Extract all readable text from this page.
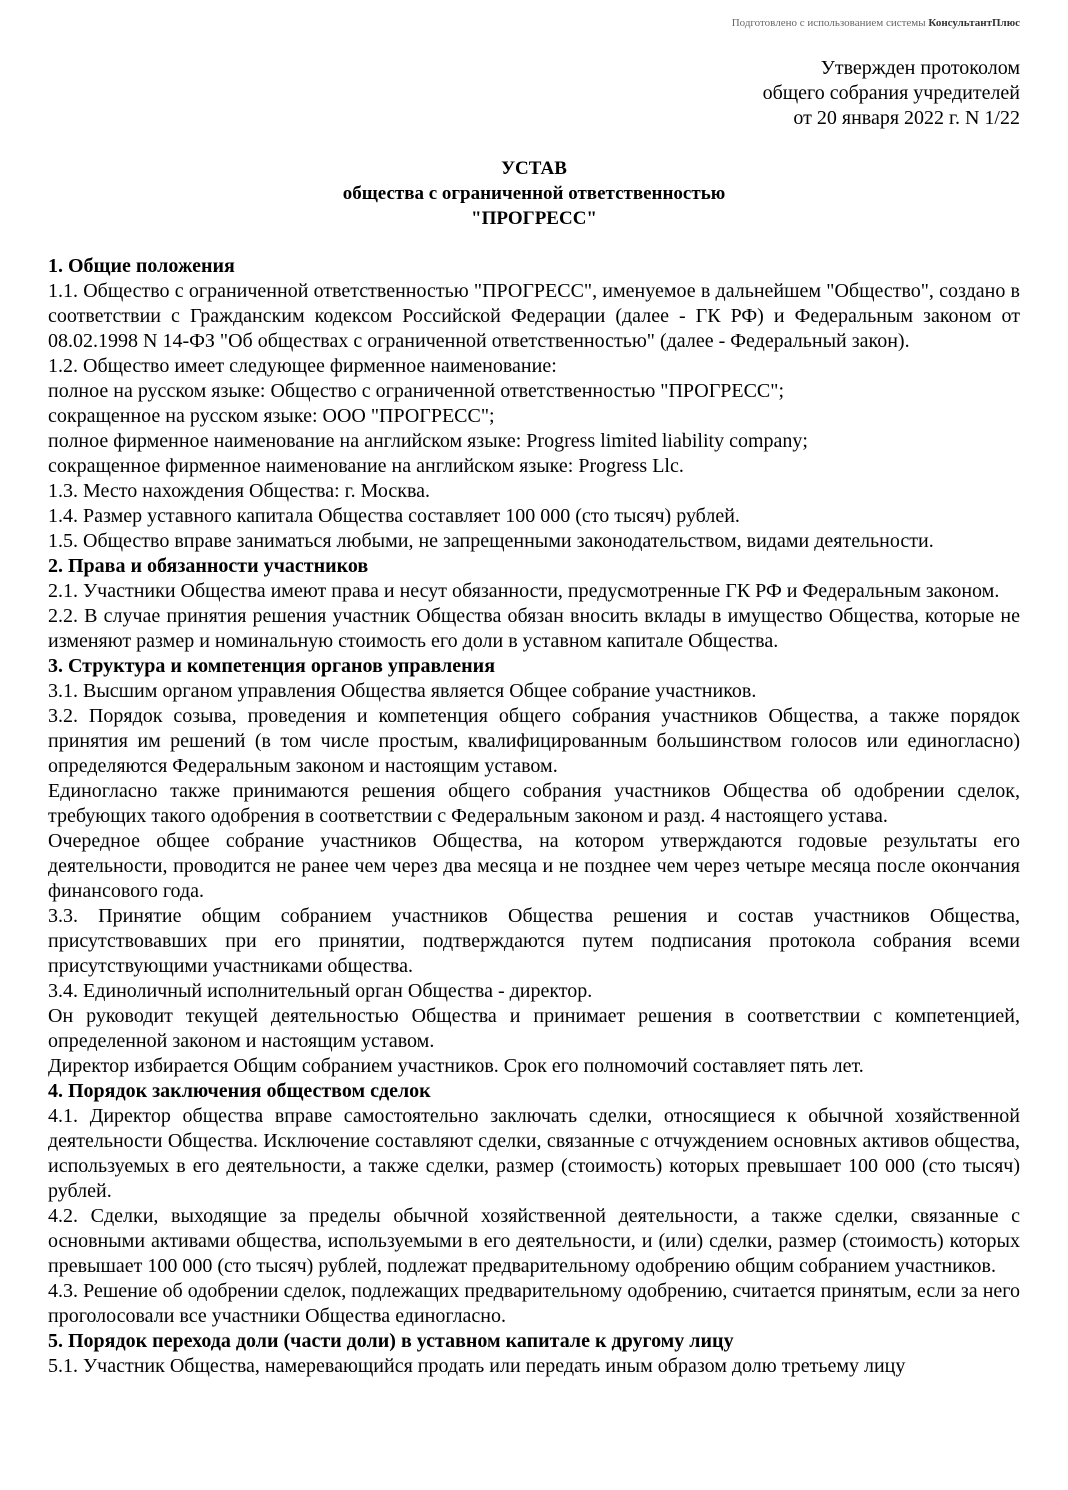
Подготовлено с использованием системы КонсультантПлюс
Утвержден протоколом
общего собрания учредителей
от 20 января 2022 г. N 1/22
УСТАВ
общества с ограниченной ответственностью
"ПРОГРЕСС"

1. Общие положения

1.1. Общество с ограниченной ответственностью "ПРОГРЕСС", именуемое в дальнейшем "Общество", создано в соответствии с Гражданским кодексом Российской Федерации (далее - ГК РФ) и Федеральным законом от 08.02.1998 N 14-ФЗ "Об обществах с ограниченной ответственностью" (далее - Федеральный закон).

1.2. Общество имеет следующее фирменное наименование:

полное на русском языке: Общество с ограниченной ответственностью "ПРОГРЕСС";

сокращенное на русском языке: ООО "ПРОГРЕСС";

полное фирменное наименование на английском языке: Progress limited liability company;

сокращенное фирменное наименование на английском языке: Progress Llc.

1.3. Место нахождения Общества: г. Москва.

1.4. Размер уставного капитала Общества составляет 100 000 (сто тысяч) рублей.

1.5. Общество вправе заниматься любыми, не запрещенными законодательством, видами деятельности.

2. Права и обязанности участников

2.1. Участники Общества имеют права и несут обязанности, предусмотренные ГК РФ и Федеральным законом.

2.2. В случае принятия решения участник Общества обязан вносить вклады в имущество Общества, которые не изменяют размер и номинальную стоимость его доли в уставном капитале Общества.

3. Структура и компетенция органов управления

3.1. Высшим органом управления Общества является Общее собрание участников.

3.2. Порядок созыва, проведения и компетенция общего собрания участников Общества, а также порядок принятия им решений (в том числе простым, квалифицированным большинством голосов или единогласно) определяются Федеральным законом и настоящим уставом.

Единогласно также принимаются решения общего собрания участников Общества об одобрении сделок, требующих такого одобрения в соответствии с Федеральным законом и разд. 4 настоящего устава.

Очередное общее собрание участников Общества, на котором утверждаются годовые результаты его деятельности, проводится не ранее чем через два месяца и не позднее чем через четыре месяца после окончания финансового года.

3.3. Принятие общим собранием участников Общества решения и состав участников Общества, присутствовавших при его принятии, подтверждаются путем подписания протокола собрания всеми присутствующими участниками общества.

3.4. Единоличный исполнительный орган Общества - директор.

Он руководит текущей деятельностью Общества и принимает решения в соответствии с компетенцией, определенной законом и настоящим уставом.

Директор избирается Общим собранием участников. Срок его полномочий составляет пять лет.

4. Порядок заключения обществом сделок

4.1. Директор общества вправе самостоятельно заключать сделки, относящиеся к обычной хозяйственной деятельности Общества. Исключение составляют сделки, связанные с отчуждением основных активов общества, используемых в его деятельности, а также сделки, размер (стоимость) которых превышает 100 000 (сто тысяч) рублей.

4.2. Сделки, выходящие за пределы обычной хозяйственной деятельности, а также сделки, связанные с основными активами общества, используемыми в его деятельности, и (или) сделки, размер (стоимость) которых превышает 100 000 (сто тысяч) рублей, подлежат предварительному одобрению общим собранием участников.

4.3. Решение об одобрении сделок, подлежащих предварительному одобрению, считается принятым, если за него проголосовали все участники Общества единогласно.

5. Порядок перехода доли (части доли) в уставном капитале к другому лицу

5.1. Участник Общества, намеревающийся продать или передать иным образом долю третьему лицу
